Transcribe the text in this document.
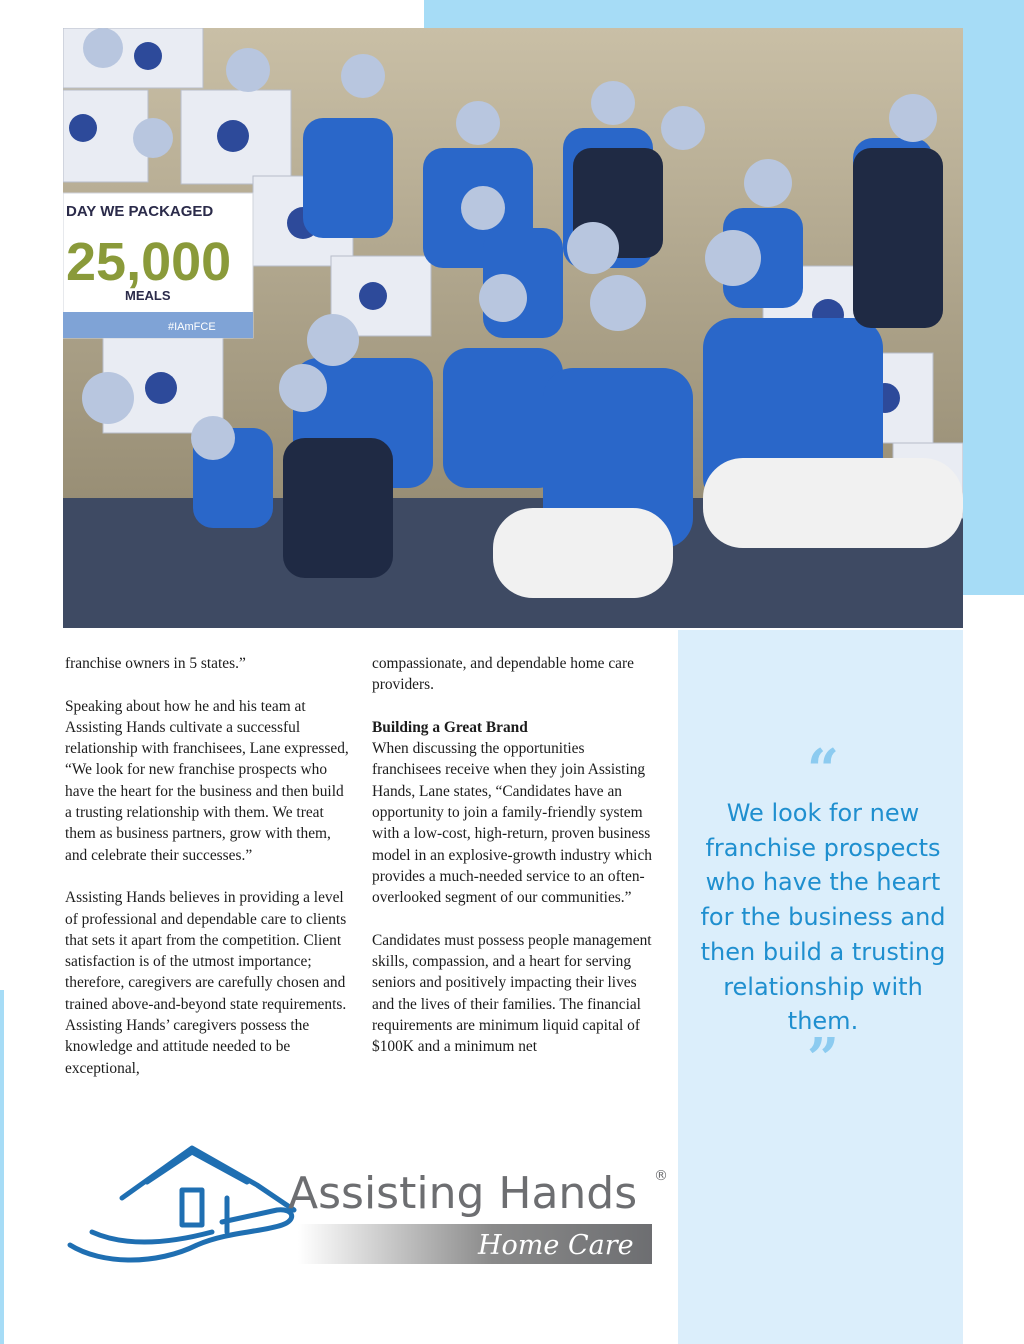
DAY WE PACKAGED
25,000
MEALS
#IAmFCE

franchise owners in 5 states.”

Speaking about how he and his team at Assisting Hands cultivate a successful relationship with franchisees, Lane expressed, “We look for new franchise prospects who have the heart for the business and then build a trusting relationship with them. We treat them as business partners, grow with them, and celebrate their successes.”

Assisting Hands believes in providing a level of professional and dependable care to clients that sets it apart from the competition. Client satisfaction is of the utmost importance; therefore, caregivers are carefully chosen and trained above-and-beyond state requirements. Assisting Hands’ caregivers possess the knowledge and attitude needed to be exceptional,

compassionate, and dependable home care providers.

Building a Great Brand

When discussing the opportunities franchisees receive when they join Assisting Hands, Lane states, “Candidates have an opportunity to join a family-friendly system with a low-cost, high-return, proven business model in an explosive-growth industry which provides a much-needed service to an often-overlooked segment of our communities.”

Candidates must possess people management skills, compassion, and a heart for serving seniors and positively impacting their lives and the lives of their families. The financial requirements are minimum liquid capital of $100K and a minimum net

“

We look for new franchise prospects who have the heart for the business and then build a trusting relationship with them.

”
Assisting Hands ®
Home Care
